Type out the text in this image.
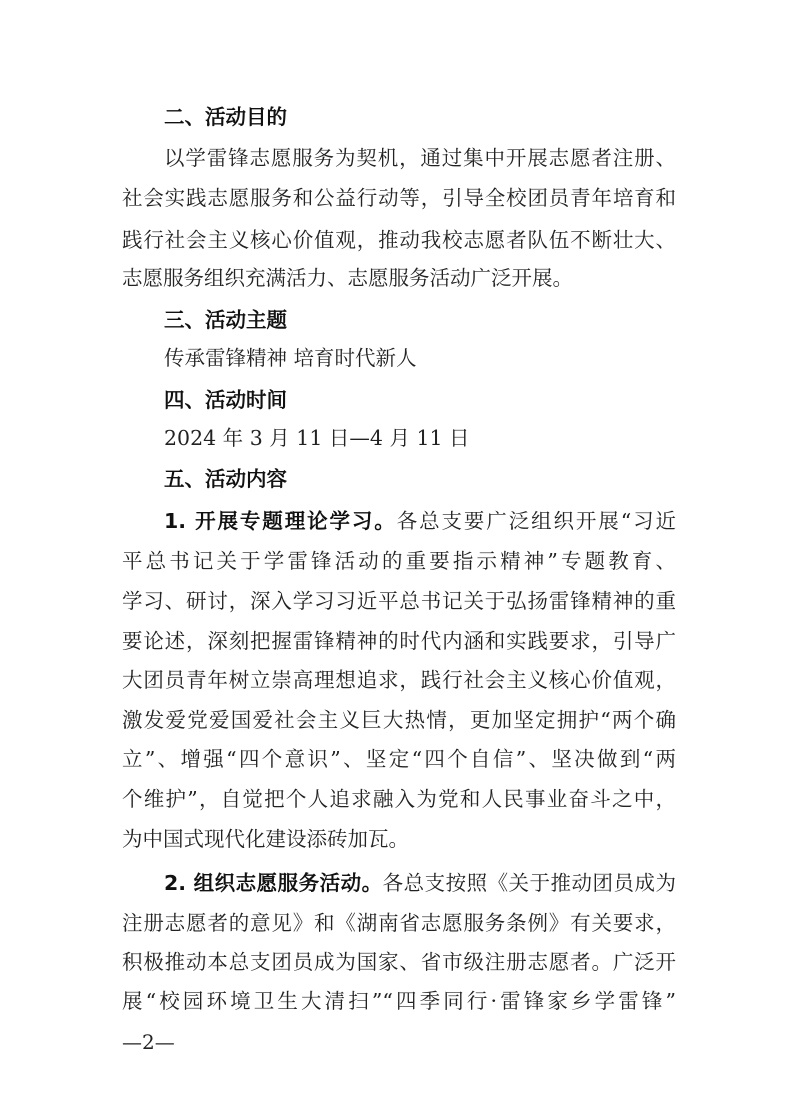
二、活动目的
以学雷锋志愿服务为契机，通过集中开展志愿者注册、
社会实践志愿服务和公益行动等，引导全校团员青年培育和
践行社会主义核心价值观，推动我校志愿者队伍不断壮大、
志愿服务组织充满活力、志愿服务活动广泛开展。
三、活动主题
传承雷锋精神 培育时代新人
四、活动时间
2024 年 3 月 11 日—4 月 11 日
五、活动内容
1. 开展专题理论学习。各总支要广泛组织开展“习近
平总书记关于学雷锋活动的重要指示精神”专题教育、
学习、研讨，深入学习习近平总书记关于弘扬雷锋精神的重
要论述，深刻把握雷锋精神的时代内涵和实践要求，引导广
大团员青年树立崇高理想追求，践行社会主义核心价值观，
激发爱党爱国爱社会主义巨大热情，更加坚定拥护“两个确
立”、增强“四个意识”、坚定“四个自信”、坚决做到“两
个维护”，自觉把个人追求融入为党和人民事业奋斗之中，
为中国式现代化建设添砖加瓦。
2. 组织志愿服务活动。各总支按照《关于推动团员成为
注册志愿者的意见》和《湖南省志愿服务条例》有关要求，
积极推动本总支团员成为国家、省市级注册志愿者。广泛开
展“校园环境卫生大清扫”“四季同行·雷锋家乡学雷锋”
—2—
